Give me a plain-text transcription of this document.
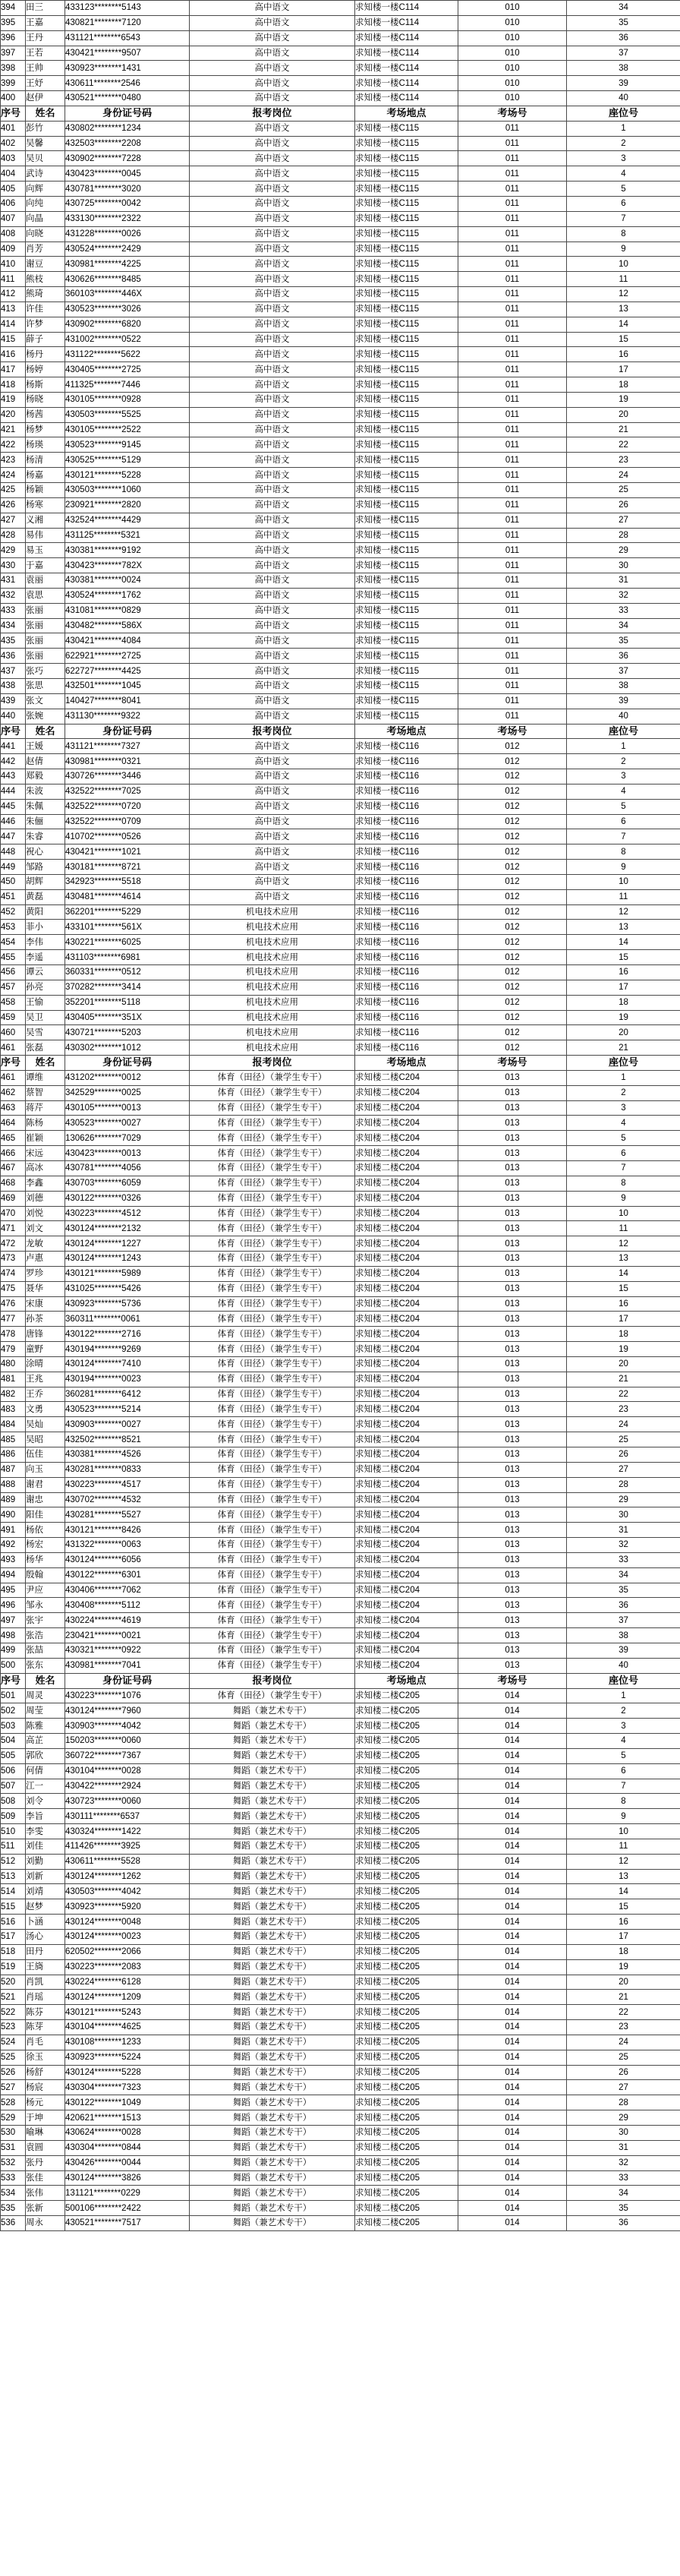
394	田三	433123********5143	高中语文	求知楼一楼C114	010	34
395	王嘉	430821********7120	高中语文	求知楼一楼C114	010	35
396	王丹	431121********6543	高中语文	求知楼一楼C114	010	36
397	王若	430421********9507	高中语文	求知楼一楼C114	010	37
398	王帅	430923********1431	高中语文	求知楼一楼C114	010	38
399	王妤	430611********2546	高中语文	求知楼一楼C114	010	39
400	赵伊	430521********0480	高中语文	求知楼一楼C114	010	40
序号	姓名	身份证号码	报考岗位	考场地点	考场号	座位号
401	彭竹	430802********1234	高中语文	求知楼一楼C115	011	1
402	吴馨	432503********2208	高中语文	求知楼一楼C115	011	2
403	吴贝	430902********7228	高中语文	求知楼一楼C115	011	3
404	武诗	430423********0045	高中语文	求知楼一楼C115	011	4
405	向辉	430781********3020	高中语文	求知楼一楼C115	011	5
406	向纯	430725********0042	高中语文	求知楼一楼C115	011	6
407	向晶	433130********2322	高中语文	求知楼一楼C115	011	7
408	向晓	431228********0026	高中语文	求知楼一楼C115	011	8
409	肖芳	430524********2429	高中语文	求知楼一楼C115	011	9
410	谢豆	430981********4225	高中语文	求知楼一楼C115	011	10
411	熊枝	430626********8485	高中语文	求知楼一楼C115	011	11
412	熊琦	360103********446X	高中语文	求知楼一楼C115	011	12
413	许佳	430523********3026	高中语文	求知楼一楼C115	011	13
414	许梦	430902********6820	高中语文	求知楼一楼C115	011	14
415	薛子	431002********0522	高中语文	求知楼一楼C115	011	15
416	杨丹	431122********5622	高中语文	求知楼一楼C115	011	16
417	杨婷	430405********2725	高中语文	求知楼一楼C115	011	17
418	杨斯	411325********7446	高中语文	求知楼一楼C115	011	18
419	杨晓	430105********0928	高中语文	求知楼一楼C115	011	19
420	杨茜	430503********5525	高中语文	求知楼一楼C115	011	20
421	杨梦	430105********2522	高中语文	求知楼一楼C115	011	21
422	杨瑛	430523********9145	高中语文	求知楼一楼C115	011	22
423	杨清	430525********5129	高中语文	求知楼一楼C115	011	23
424	杨嘉	430121********5228	高中语文	求知楼一楼C115	011	24
425	杨颖	430503********1060	高中语文	求知楼一楼C115	011	25
426	杨寒	230921********2820	高中语文	求知楼一楼C115	011	26
427	义湘	432524********4429	高中语文	求知楼一楼C115	011	27
428	易伟	431125********5321	高中语文	求知楼一楼C115	011	28
429	易玉	430381********9192	高中语文	求知楼一楼C115	011	29
430	于嘉	430423********782X	高中语文	求知楼一楼C115	011	30
431	袁丽	430381********0024	高中语文	求知楼一楼C115	011	31
432	袁思	430524********1762	高中语文	求知楼一楼C115	011	32
433	张丽	431081********0829	高中语文	求知楼一楼C115	011	33
434	张丽	430482********586X	高中语文	求知楼一楼C115	011	34
435	张丽	430421********4084	高中语文	求知楼一楼C115	011	35
436	张丽	622921********2725	高中语文	求知楼一楼C115	011	36
437	张巧	622727********4425	高中语文	求知楼一楼C115	011	37
438	张思	432501********1045	高中语文	求知楼一楼C115	011	38
439	张文	140427********8041	高中语文	求知楼一楼C115	011	39
440	张婉	431130********9322	高中语文	求知楼一楼C115	011	40
序号	姓名	身份证号码	报考岗位	考场地点	考场号	座位号
441	王媛	431121********7327	高中语文	求知楼一楼C116	012	1
442	赵倩	430981********0321	高中语文	求知楼一楼C116	012	2
443	郑毅	430726********3446	高中语文	求知楼一楼C116	012	3
444	朱波	432522********7025	高中语文	求知楼一楼C116	012	4
445	朱佩	432522********0720	高中语文	求知楼一楼C116	012	5
446	朱俪	432522********0709	高中语文	求知楼一楼C116	012	6
447	朱睿	410702********0526	高中语文	求知楼一楼C116	012	7
448	祝心	430421********1021	高中语文	求知楼一楼C116	012	8
449	邹路	430181********8721	高中语文	求知楼一楼C116	012	9
450	胡辉	342923********5518	高中语文	求知楼一楼C116	012	10
451	黄磊	430481********4614	高中语文	求知楼一楼C116	012	11
452	黄阳	362201********5229	机电技术应用	求知楼一楼C116	012	12
453	菲小	433101********561X	机电技术应用	求知楼一楼C116	012	13
454	李伟	430221********6025	机电技术应用	求知楼一楼C116	012	14
455	李遥	431103********6981	机电技术应用	求知楼一楼C116	012	15
456	谭云	360331********0512	机电技术应用	求知楼一楼C116	012	16
457	孙亮	370282********3414	机电技术应用	求知楼一楼C116	012	17
458	王愉	352201********5118	机电技术应用	求知楼一楼C116	012	18
459	吴卫	430405********351X	机电技术应用	求知楼一楼C116	012	19
460	吴雪	430721********5203	机电技术应用	求知楼一楼C116	012	20
461	张磊	430302********1012	机电技术应用	求知楼一楼C116	012	21
序号	姓名	身份证号码	报考岗位	考场地点	考场号	座位号
461	谭维	431202********0012	体育（田径）（兼学生专干）	求知楼二楼C204	013	1
462	蔡智	342529********0025	体育（田径）（兼学生专干）	求知楼二楼C204	013	2
463	蒋芹	430105********0013	体育（田径）（兼学生专干）	求知楼二楼C204	013	3
464	陈杨	430523********0027	体育（田径）（兼学生专干）	求知楼二楼C204	013	4
465	崔颖	130626********7029	体育（田径）（兼学生专干）	求知楼二楼C204	013	5
466	宋远	430423********0013	体育（田径）（兼学生专干）	求知楼二楼C204	013	6
467	高冰	430781********4056	体育（田径）（兼学生专干）	求知楼二楼C204	013	7
468	李鑫	430703********6059	体育（田径）（兼学生专干）	求知楼二楼C204	013	8
469	刘德	430122********0326	体育（田径）（兼学生专干）	求知楼二楼C204	013	9
470	刘悦	430223********4512	体育（田径）（兼学生专干）	求知楼二楼C204	013	10
471	刘文	430124********2132	体育（田径）（兼学生专干）	求知楼二楼C204	013	11
472	龙敏	430124********1227	体育（田径）（兼学生专干）	求知楼二楼C204	013	12
473	卢惠	430124********1243	体育（田径）（兼学生专干）	求知楼二楼C204	013	13
474	罗珍	430121********5989	体育（田径）（兼学生专干）	求知楼二楼C204	013	14
475	聂华	431025********5426	体育（田径）（兼学生专干）	求知楼二楼C204	013	15
476	宋康	430923********5736	体育（田径）（兼学生专干）	求知楼二楼C204	013	16
477	孙茶	360311********0061	体育（田径）（兼学生专干）	求知楼二楼C204	013	17
478	唐锋	430122********2716	体育（田径）（兼学生专干）	求知楼二楼C204	013	18
479	童野	430194********9269	体育（田径）（兼学生专干）	求知楼二楼C204	013	19
480	涂晴	430124********7410	体育（田径）（兼学生专干）	求知楼二楼C204	013	20
481	王兆	430194********0023	体育（田径）（兼学生专干）	求知楼二楼C204	013	21
482	王乔	360281********6412	体育（田径）（兼学生专干）	求知楼二楼C204	013	22
483	文勇	430523********5214	体育（田径）（兼学生专干）	求知楼二楼C204	013	23
484	吴灿	430903********0027	体育（田径）（兼学生专干）	求知楼二楼C204	013	24
485	吴昭	432502********8521	体育（田径）（兼学生专干）	求知楼二楼C204	013	25
486	伍佳	430381********4526	体育（田径）（兼学生专干）	求知楼二楼C204	013	26
487	向玉	430281********0833	体育（田径）（兼学生专干）	求知楼二楼C204	013	27
488	谢君	430223********4517	体育（田径）（兼学生专干）	求知楼二楼C204	013	28
489	谢忠	430702********4532	体育（田径）（兼学生专干）	求知楼二楼C204	013	29
490	阳佳	430281********5527	体育（田径）（兼学生专干）	求知楼二楼C204	013	30
491	杨依	430121********8426	体育（田径）（兼学生专干）	求知楼二楼C204	013	31
492	杨宏	431322********0063	体育（田径）（兼学生专干）	求知楼二楼C204	013	32
493	杨华	430124********6056	体育（田径）（兼学生专干）	求知楼二楼C204	013	33
494	殷翰	430122********6301	体育（田径）（兼学生专干）	求知楼二楼C204	013	34
495	尹应	430406********7062	体育（田径）（兼学生专干）	求知楼二楼C204	013	35
496	邹永	430408********5112	体育（田径）（兼学生专干）	求知楼二楼C204	013	36
497	张宇	430224********4619	体育（田径）（兼学生专干）	求知楼二楼C204	013	37
498	张浩	230421********0021	体育（田径）（兼学生专干）	求知楼二楼C204	013	38
499	张喆	430321********0922	体育（田径）（兼学生专干）	求知楼二楼C204	013	39
500	张东	430981********7041	体育（田径）（兼学生专干）	求知楼二楼C204	013	40
序号	姓名	身份证号码	报考岗位	考场地点	考场号	座位号
501	周灵	430223********1076	体育（田径）（兼学生专干）	求知楼二楼C205	014	1
502	周莹	430124********7960	舞蹈（兼艺术专干）	求知楼二楼C205	014	2
503	陈雅	430903********4042	舞蹈（兼艺术专干）	求知楼二楼C205	014	3
504	高芷	150203********0060	舞蹈（兼艺术专干）	求知楼二楼C205	014	4
505	郭欣	360722********7367	舞蹈（兼艺术专干）	求知楼二楼C205	014	5
506	何倩	430104********0028	舞蹈（兼艺术专干）	求知楼二楼C205	014	6
507	江一	430422********2924	舞蹈（兼艺术专干）	求知楼二楼C205	014	7
508	刘令	430723********0060	舞蹈（兼艺术专干）	求知楼二楼C205	014	8
509	李旨	430111********6537	舞蹈（兼艺术专干）	求知楼二楼C205	014	9
510	李雯	430324********1422	舞蹈（兼艺术专干）	求知楼二楼C205	014	10
511	刘佳	411426********3925	舞蹈（兼艺术专干）	求知楼二楼C205	014	11
512	刘勤	430611********5528	舞蹈（兼艺术专干）	求知楼二楼C205	014	12
513	刘新	430124********1262	舞蹈（兼艺术专干）	求知楼二楼C205	014	13
514	刘靖	430503********4042	舞蹈（兼艺术专干）	求知楼二楼C205	014	14
515	赵梦	430923********5920	舞蹈（兼艺术专干）	求知楼二楼C205	014	15
516	卜涵	430124********0048	舞蹈（兼艺术专干）	求知楼二楼C205	014	16
517	汤心	430124********0023	舞蹈（兼艺术专干）	求知楼二楼C205	014	17
518	田丹	620502********2066	舞蹈（兼艺术专干）	求知楼二楼C205	014	18
519	王旖	430223********2083	舞蹈（兼艺术专干）	求知楼二楼C205	014	19
520	肖凯	430224********6128	舞蹈（兼艺术专干）	求知楼二楼C205	014	20
521	肖瑶	430124********1209	舞蹈（兼艺术专干）	求知楼二楼C205	014	21
522	陈芬	430121********5243	舞蹈（兼艺术专干）	求知楼二楼C205	014	22
523	陈芽	430104********4625	舞蹈（兼艺术专干）	求知楼二楼C205	014	23
524	肖毛	430108********1233	舞蹈（兼艺术专干）	求知楼二楼C205	014	24
525	徐玉	430923********5224	舞蹈（兼艺术专干）	求知楼二楼C205	014	25
526	杨舒	430124********5228	舞蹈（兼艺术专干）	求知楼二楼C205	014	26
527	杨宸	430304********7323	舞蹈（兼艺术专干）	求知楼二楼C205	014	27
528	杨元	430122********1049	舞蹈（兼艺术专干）	求知楼二楼C205	014	28
529	于坤	420621********1513	舞蹈（兼艺术专干）	求知楼二楼C205	014	29
530	喻琳	430624********0028	舞蹈（兼艺术专干）	求知楼二楼C205	014	30
531	袁圆	430304********0844	舞蹈（兼艺术专干）	求知楼二楼C205	014	31
532	张丹	430426********0044	舞蹈（兼艺术专干）	求知楼二楼C205	014	32
533	张佳	430124********3826	舞蹈（兼艺术专干）	求知楼二楼C205	014	33
534	张伟	131121********0229	舞蹈（兼艺术专干）	求知楼二楼C205	014	34
535	张新	500106********2422	舞蹈（兼艺术专干）	求知楼二楼C205	014	35
536	周永	430521********7517	舞蹈（兼艺术专干）	求知楼二楼C205	014	36
